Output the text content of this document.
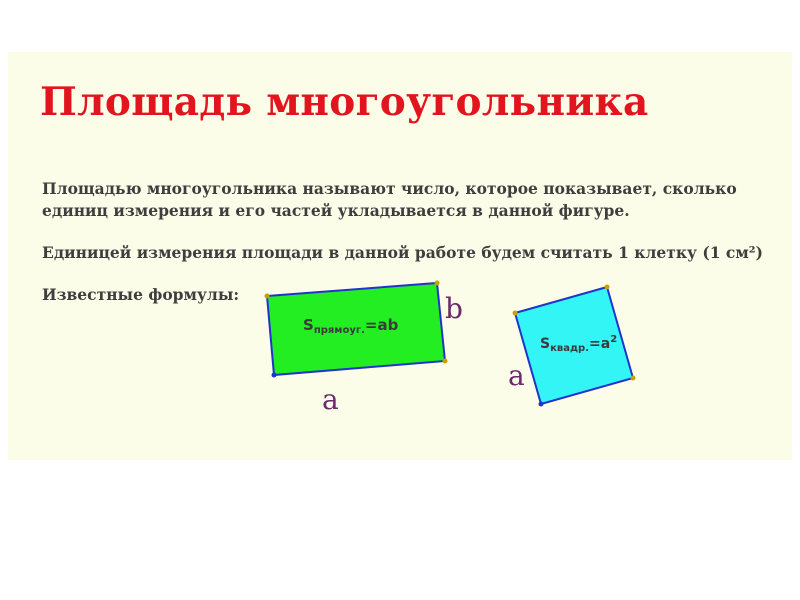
Площадь многоугольника

Площадью многоугольника называют число, которое показывает, сколько единиц измерения и его частей укладывается в данной фигуре.

Единицей измерения площади в данной работе будем считать 1 клетку (1 см²)

Известные формулы:

$S_{прямоуг.}=ab$ b
a
$S_{квадр.}=a^2$
a
